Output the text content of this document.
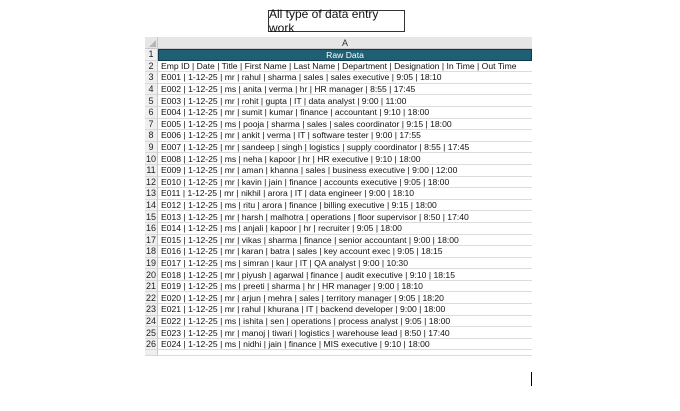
All type of data entry work
A
1	Raw Data
2 Emp ID | Date | Title | First Name | Last Name | Department | Designation | In Time | Out Time
3 E001 | 1-12-25 | mr | rahul | sharma | sales | sales executive | 9:05 | 18:10
4 E002 | 1-12-25 | ms | anita | verma | hr | HR manager | 8:55 | 17:45
5 E003 | 1-12-25 | mr | rohit | gupta | IT | data analyst | 9:00 | 11:00
6 E004 | 1-12-25 | mr | sumit | kumar | finance | accountant | 9:10 | 18:00
7 E005 | 1-12-25 | ms | pooja | sharma | sales | sales coordinator | 9:15 | 18:00
8 E006 | 1-12-25 | mr | ankit | verma | IT | software tester | 9:00 | 17:55
9 E007 | 1-12-25 | mr | sandeep | singh | logistics | supply coordinator | 8:55 | 17:45
10 E008 | 1-12-25 | ms | neha | kapoor | hr | HR executive | 9:10 | 18:00
11 E009 | 1-12-25 | mr | aman | khanna | sales | business executive | 9:00 | 12:00
12 E010 | 1-12-25 | mr | kavin | jain | finance | accounts executive | 9:05 | 18:00
13 E011 | 1-12-25 | mr | nikhil | arora | IT | data engineer | 9:00 | 18:10
14 E012 | 1-12-25 | ms | ritu | arora | finance | billing executive | 9:15 | 18:00
15 E013 | 1-12-25 | mr | harsh | malhotra | operations | floor supervisor | 8:50 | 17:40
16 E014 | 1-12-25 | ms | anjali | kapoor | hr | recruiter | 9:05 | 18:00
17 E015 | 1-12-25 | mr | vikas | sharma | finance | senior accountant | 9:00 | 18:00
18 E016 | 1-12-25 | mr | karan | batra | sales | key account exec | 9:05 | 18:15
19 E017 | 1-12-25 | ms | simran | kaur | IT | QA analyst | 9:00 | 10:30
20 E018 | 1-12-25 | mr | piyush | agarwal | finance | audit executive | 9:10 | 18:15
21 E019 | 1-12-25 | ms | preeti | sharma | hr | HR manager | 9:00 | 18:10
22 E020 | 1-12-25 | mr | arjun | mehra | sales | territory manager | 9:05 | 18:20
23 E021 | 1-12-25 | mr | rahul | khurana | IT | backend developer | 9:00 | 18:00
24 E022 | 1-12-25 | ms | ishita | sen | operations | process analyst | 9:05 | 18:00
25 E023 | 1-12-25 | mr | manoj | tiwari | logistics | warehouse lead | 8:50 | 17:40
26 E024 | 1-12-25 | ms | nidhi | jain | finance | MIS executive | 9:10 | 18:00
